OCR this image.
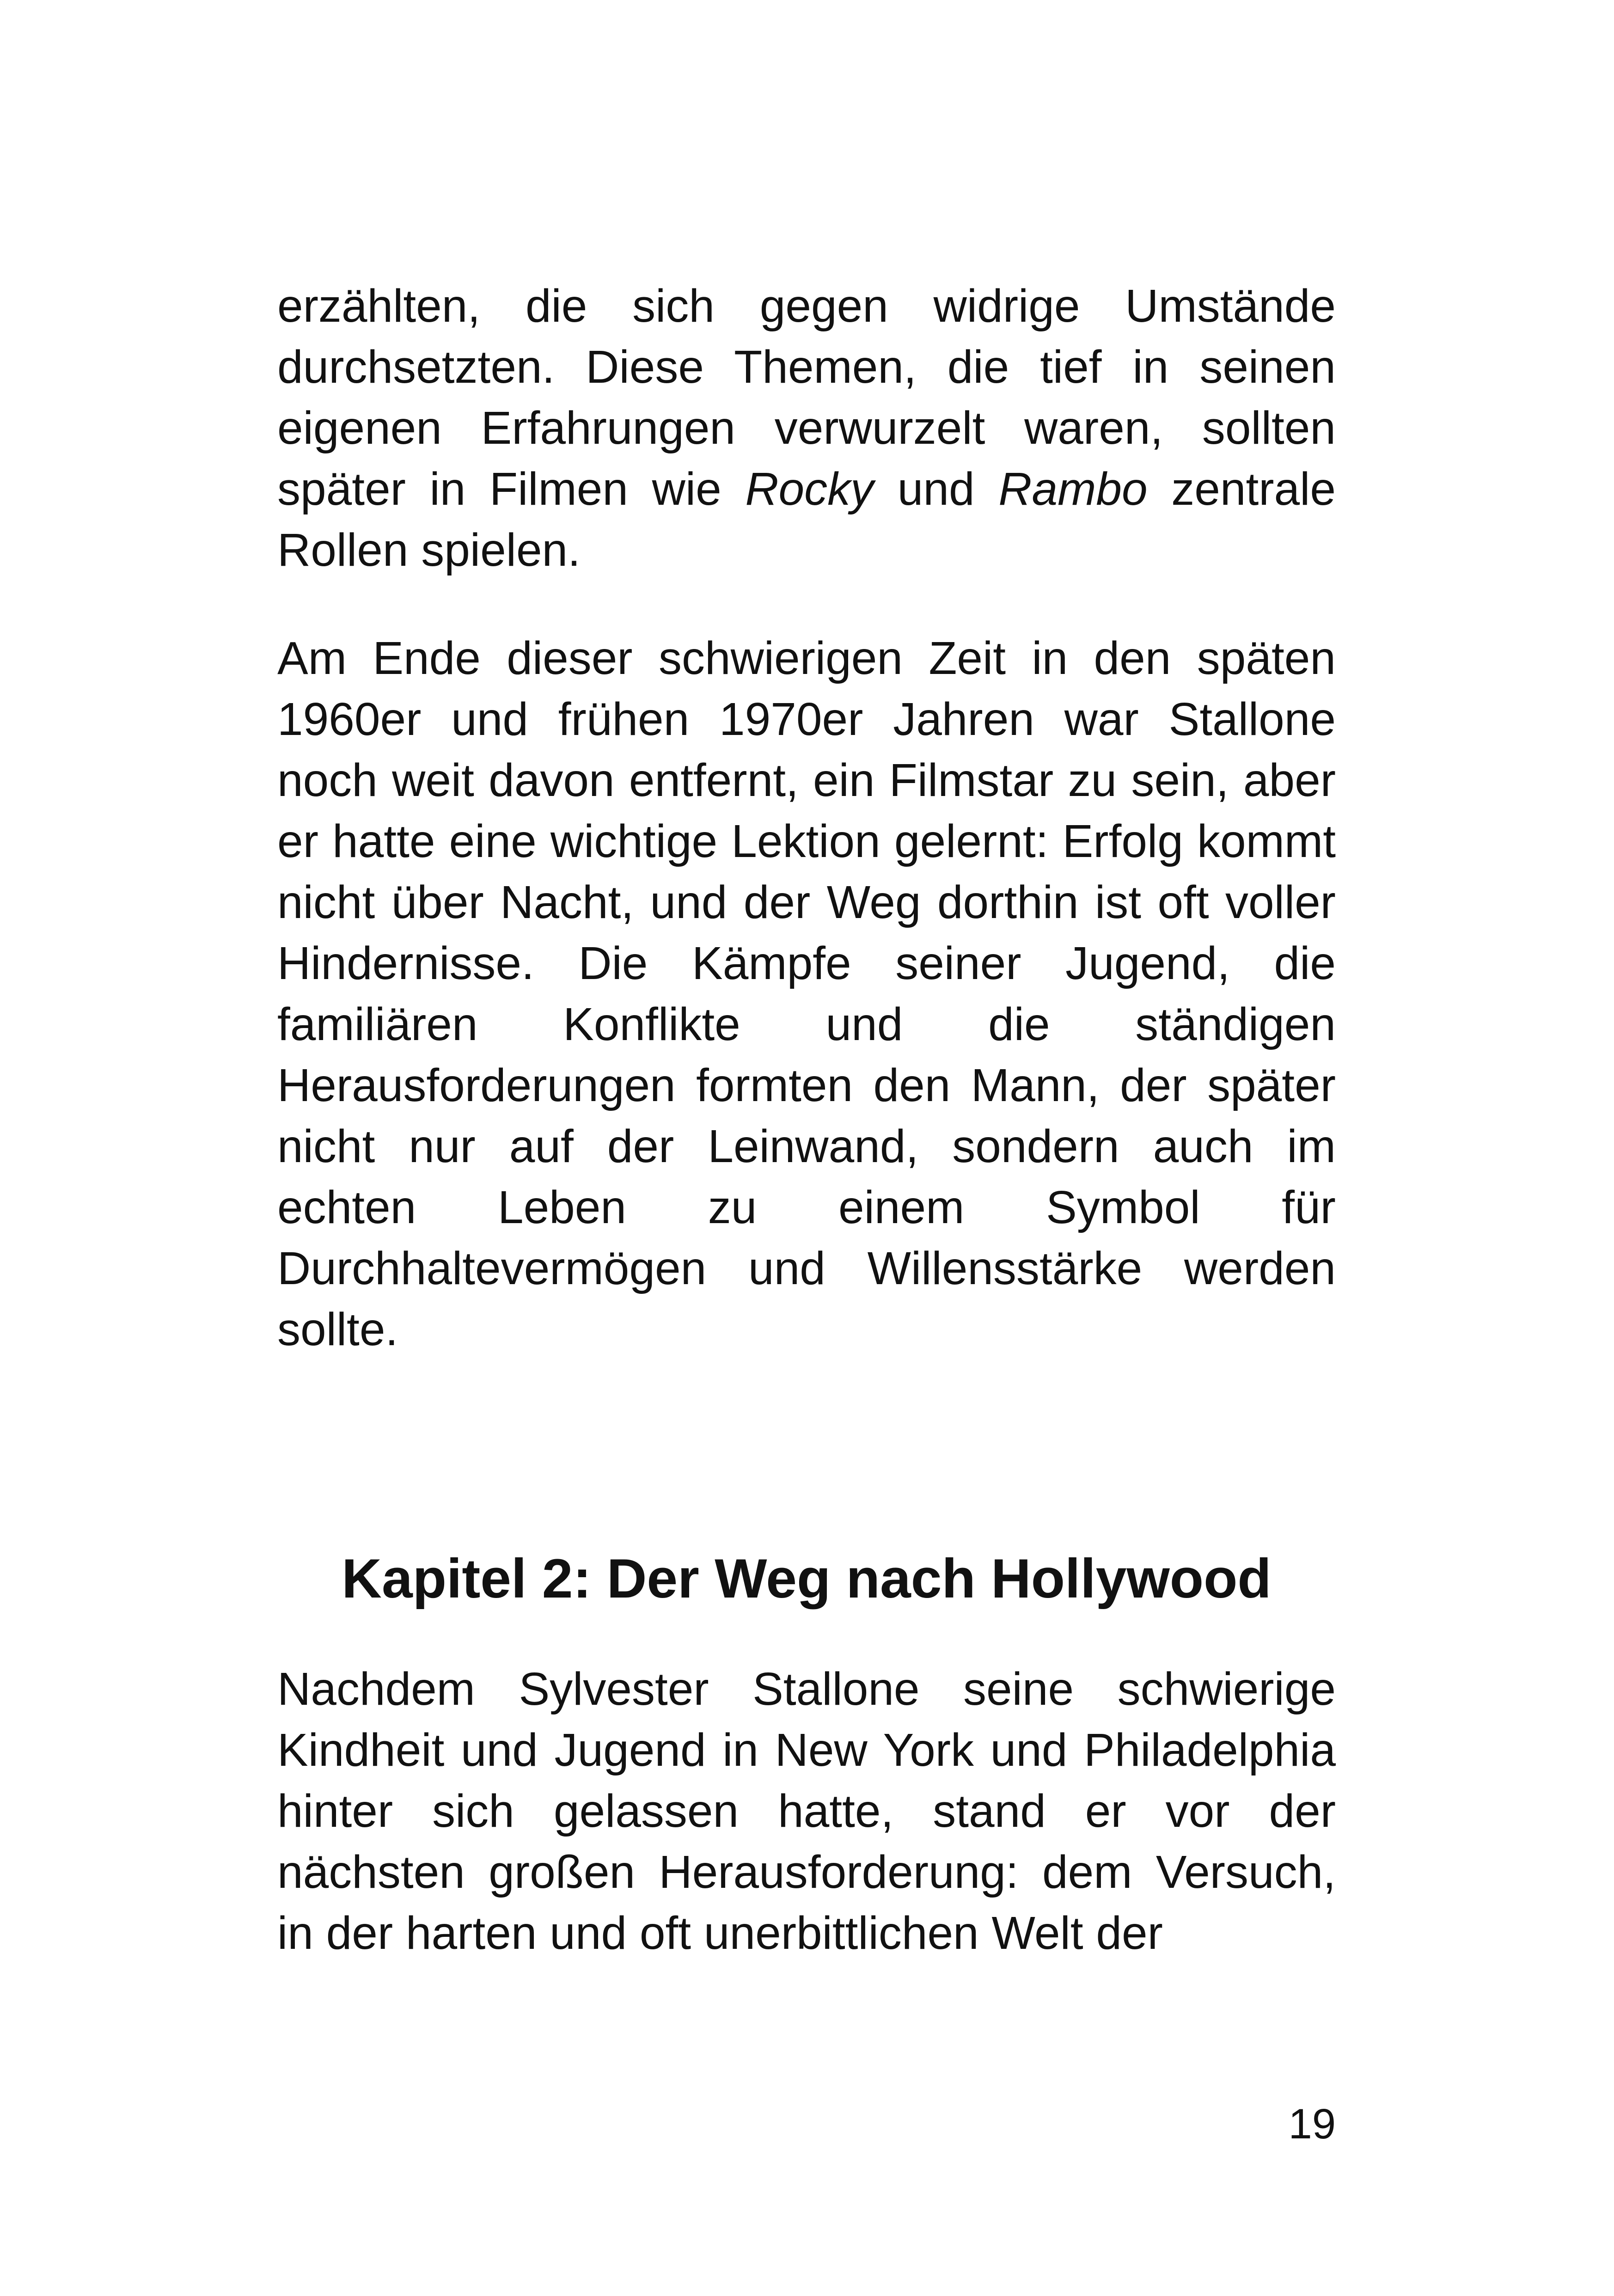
erzählten, die sich gegen widrige Umstände durchsetzten. Diese Themen, die tief in seinen eigenen Erfahrungen verwurzelt waren, sollten später in Filmen wie Rocky und Rambo zentrale Rollen spielen.

Am Ende dieser schwierigen Zeit in den späten 1960er und frühen 1970er Jahren war Stallone noch weit davon entfernt, ein Filmstar zu sein, aber er hatte eine wichtige Lektion gelernt: Erfolg kommt nicht über Nacht, und der Weg dorthin ist oft voller Hindernisse. Die Kämpfe seiner Jugend, die familiären Konflikte und die ständigen Herausforderungen formten den Mann, der später nicht nur auf der Leinwand, sondern auch im echten Leben zu einem Symbol für Durchhaltevermögen und Willensstärke werden sollte.

Kapitel 2: Der Weg nach Hollywood

Nachdem Sylvester Stallone seine schwierige Kindheit und Jugend in New York und Philadelphia hinter sich gelassen hatte, stand er vor der nächsten großen Herausforderung: dem Versuch, in der harten und oft unerbittlichen Welt der

19
